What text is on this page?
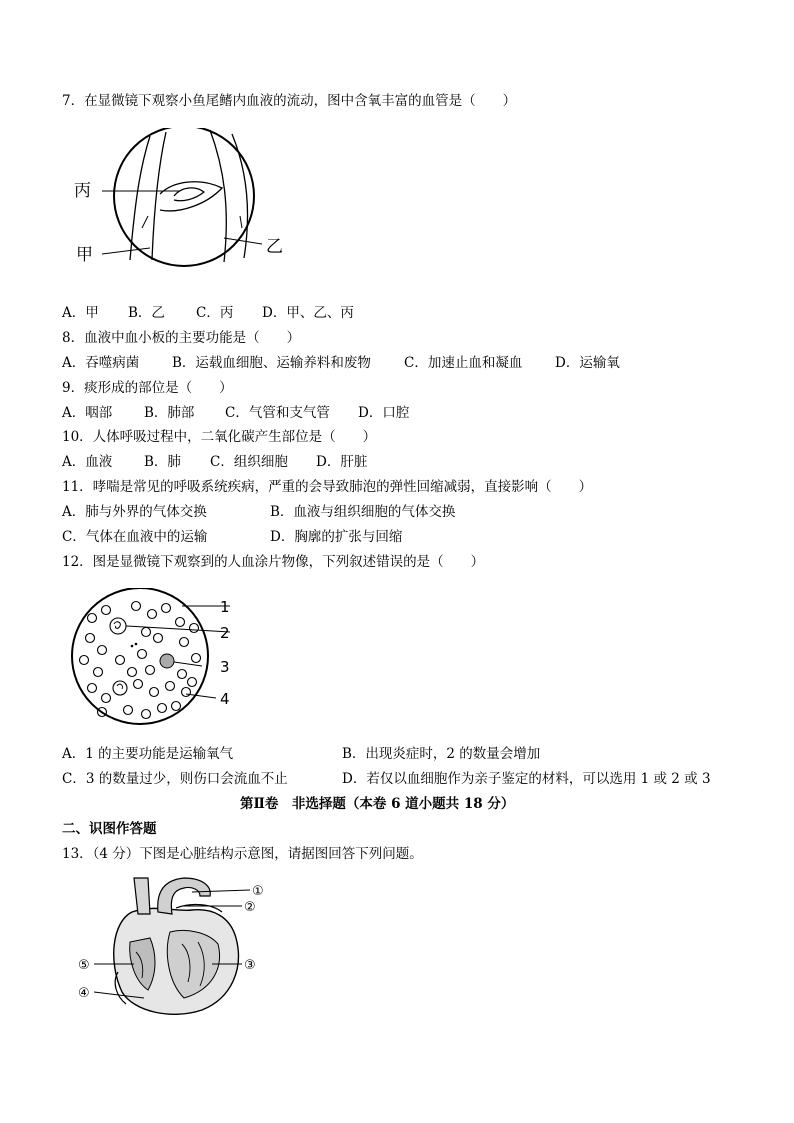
7．在显微镜下观察小鱼尾鳍内血液的流动，图中含氧丰富的血管是（　　）
丙
甲	乙
A．甲 B．乙 C．丙 D．甲、乙、丙
8．血液中血小板的主要功能是（　　）
A．吞噬病菌 B．运载血细胞、运输养料和废物 C．加速止血和凝血 D．运输氧
9．痰形成的部位是（　　）
A．咽部 B．肺部 C．气管和支气管 D．口腔
10．人体呼吸过程中，二氧化碳产生部位是（　　）
A．血液 B．肺 C．组织细胞 D．肝脏
11．哮喘是常见的呼吸系统疾病，严重的会导致肺泡的弹性回缩减弱，直接影响（　　）
A．肺与外界的气体交换	B．血液与组织细胞的气体交换
C．气体在血液中的运输	D．胸廓的扩张与回缩
12．图是显微镜下观察到的人血涂片物像，下列叙述错误的是（　　）
1
2
3
4
A．1 的主要功能是运输氧气	B．出现炎症时，2 的数量会增加
C．3 的数量过少，则伤口会流血不止	D．若仅以血细胞作为亲子鉴定的材料，可以选用 1 或 2 或 3
第Ⅱ卷　非选择题（本卷 6 道小题共 18 分）
二、识图作答题
13．（4 分）下图是心脏结构示意图，请据图回答下列问题。
①
②
③
④
⑤
